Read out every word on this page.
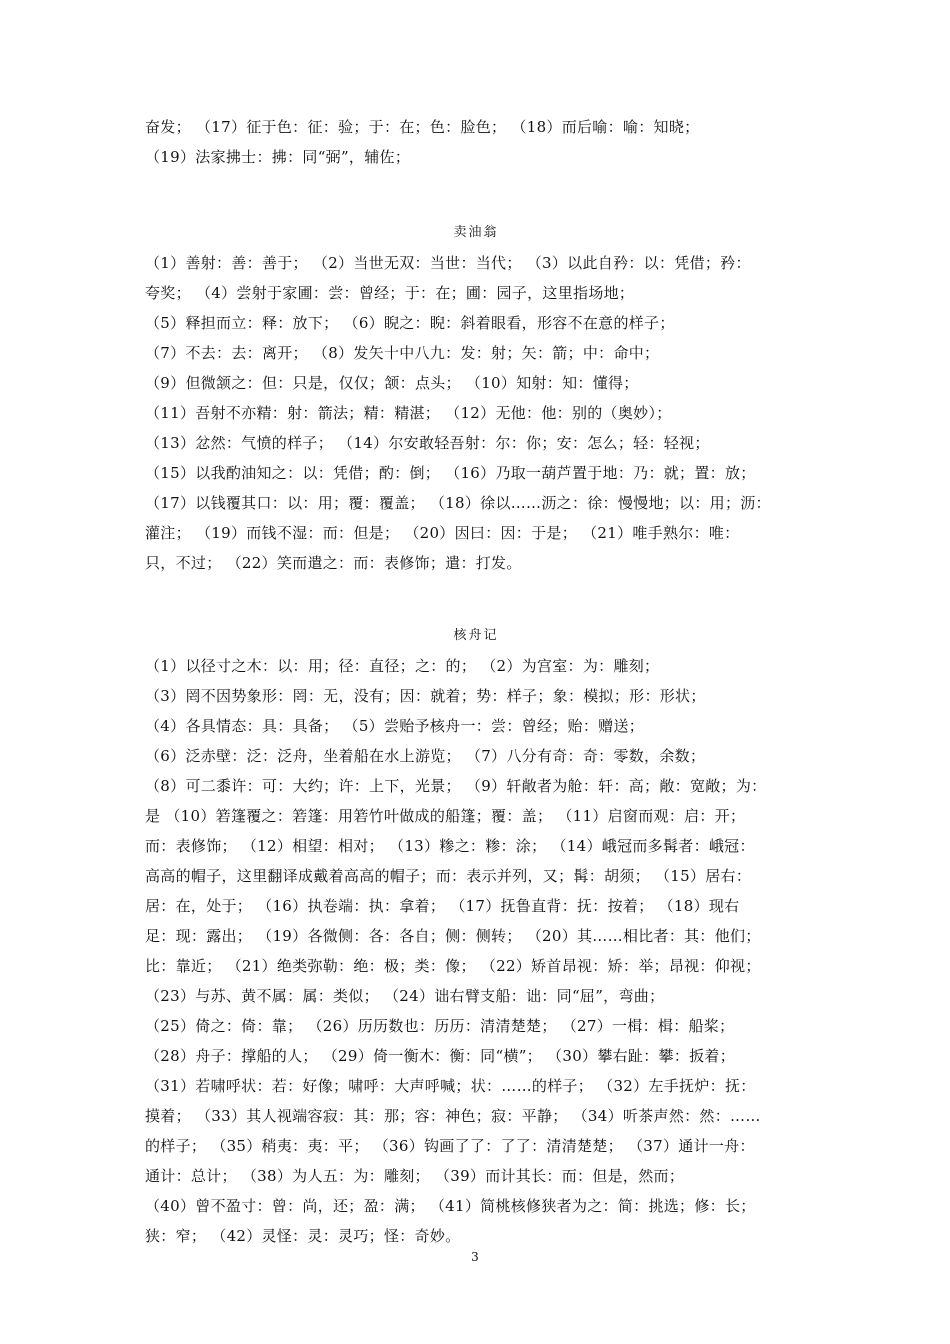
奋发； （17）征于色：征：验；于：在；色：脸色； （18）而后喻：喻：知晓；
（19）法家拂士：拂：同“弼”，辅佐；
卖油翁
（1）善射：善：善于； （2）当世无双：当世：当代； （3）以此自矜：以：凭借；矜：
夸奖； （4）尝射于家圃：尝：曾经；于：在；圃：园子，这里指场地；
（5）释担而立：释：放下； （6）睨之：睨：斜着眼看，形容不在意的样子；
（7）不去：去：离开； （8）发矢十中八九：发：射；矢：箭；中：命中；
（9）但微颔之：但：只是，仅仅；颔：点头； （10）知射：知：懂得；
（11）吾射不亦精：射：箭法；精：精湛； （12）无他：他：别的（奥妙）；
（13）忿然：气愤的样子； （14）尔安敢轻吾射：尔：你；安：怎么；轻：轻视；
（15）以我酌油知之：以：凭借；酌：倒； （16）乃取一葫芦置于地：乃：就；置：放；
（17）以钱覆其口：以：用；覆：覆盖； （18）徐以……沥之：徐：慢慢地；以：用；沥：
灌注； （19）而钱不湿：而：但是； （20）因曰：因：于是； （21）唯手熟尔：唯：
只，不过； （22）笑而遣之：而：表修饰；遣：打发。
核舟记
（1）以径寸之木：以：用；径：直径；之：的； （2）为宫室：为：雕刻；
（3）罔不因势象形：罔：无，没有；因：就着；势：样子；象：模拟；形：形状；
（4）各具情态：具：具备； （5）尝贻予核舟一：尝：曾经；贻：赠送；
（6）泛赤壁：泛：泛舟，坐着船在水上游览； （7）八分有奇：奇：零数，余数；
（8）可二黍许：可：大约；许：上下，光景； （9）轩敞者为舱：轩：高；敞：宽敞；为：
是 （10）箬篷覆之：箬篷：用箬竹叶做成的船篷；覆：盖； （11）启窗而观：启：开；
而：表修饰； （12）相望：相对； （13）糁之：糁：涂； （14）峨冠而多髯者：峨冠：
高高的帽子，这里翻译成戴着高高的帽子；而：表示并列，又；髯：胡须； （15）居右：
居：在，处于； （16）执卷端：执：拿着； （17）抚鲁直背：抚：按着； （18）现右
足：现：露出； （19）各微侧：各：各自；侧：侧转； （20）其……相比者：其：他们；
比：靠近； （21）绝类弥勒：绝：极；类：像； （22）矫首昂视：矫：举；昂视：仰视；
（23）与苏、黄不属：属：类似； （24）诎右臂支船：诎：同“屈”，弯曲；
（25）倚之：倚：靠； （26）历历数也：历历：清清楚楚； （27）一楫：楫：船桨；
（28）舟子：撑船的人； （29）倚一衡木：衡：同“横”； （30）攀右趾：攀：扳着；
（31）若啸呼状：若：好像；啸呼：大声呼喊；状：……的样子； （32）左手抚炉：抚：
摸着； （33）其人视端容寂：其：那；容：神色；寂：平静； （34）听茶声然：然：……
的样子； （35）稍夷：夷：平； （36）钩画了了：了了：清清楚楚； （37）通计一舟：
通计：总计； （38）为人五：为：雕刻； （39）而计其长：而：但是，然而；
（40）曾不盈寸：曾：尚，还；盈：满； （41）简桃核修狭者为之：简：挑选；修：长；
狭：窄； （42）灵怪：灵：灵巧；怪：奇妙。
3
